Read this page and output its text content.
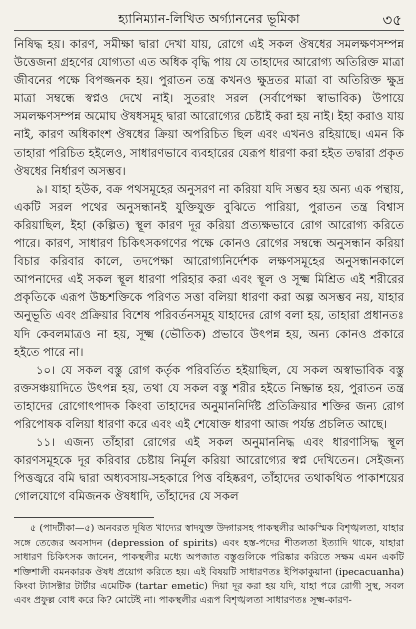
হ্যানিম্যান-লিখিত অর্গ্যাননের ভূমিকা	৩৫

নিষিদ্ধ হয়। কারণ, সমীক্ষা দ্বারা দেখা যায়, রোগে এই সকল ঔষধের সমলক্ষণসম্পন্ন উত্তেজনা গ্রহণের যোগ্যতা এত অধিক বৃদ্ধি পায় যে তাহাদের আরোগ্য অতিরিক্ত মাত্রা জীবনের পক্ষে বিপজ্জনক হয়। পুরাতন তন্ত্র কখনও ক্ষুদ্রতর মাত্রা বা অতিরিক্ত ক্ষুদ্র মাত্রা সম্বন্ধে স্বপ্নও দেখে নাই। সুতরাং সরল (সর্বাপেক্ষা স্বাভাবিক) উপায়ে সমলক্ষণসম্পন্ন অমোঘ ঔষধসমূহ দ্বারা আরোগ্যের চেষ্টাই করা হয় নাই। ইহা করাও যায় নাই, কারণ অধিকাংশ ঔষধের ক্রিয়া অপরিচিত ছিল এবং এখনও রহিয়াছে। এমন কি তাহারা পরিচিত হইলেও, সাধারণভাবে ব্যবহারের যেরূপ ধারণা করা হইত তদ্বারা প্রকৃত ঔষধের নির্ধারণ অসম্ভব।

৯। যাহা হউক, বক্র পথসমূহের অনুসরণ না করিয়া যদি সম্ভব হয় অন্য এক পন্থায়, একটি সরল পথের অনুসন্ধানই যুক্তিযুক্ত বুঝিতে পারিয়া, পুরাতন তন্ত্র বিশ্বাস করিয়াছিল, ইহা (কল্পিত) স্থূল কারণ দূর করিয়া প্রত্যক্ষভাবে রোগ আরোগ্য করিতে পারে। কারণ, সাধারণ চিকিৎসকগণের পক্ষে কোনও রোগের সম্বন্ধে অনুসন্ধান করিয়া বিচার করিবার কালে, তদপেক্ষা আরোগ্যনির্দেশক লক্ষণসমূহের অনুসন্ধানকালে আপনাদের এই সকল স্থূল ধারণা পরিহার করা এবং স্থূল ও সূক্ষ্ম মিশ্রিত এই শরীরের প্রকৃতিকে এরূপ উচ্চশক্তিকে পরিণত সত্তা বলিয়া ধারণা করা অল্প অসম্ভব নয়, যাহার অনুভূতি এবং প্রক্রিয়ার বিশেষ পরিবর্তনসমূহ যাহাদের রোগ বলা হয়, তাহারা প্রধানতঃ যদি কেবলমাত্রও না হয়, সূক্ষ্ম (ভৌতিক) প্রভাবে উৎপন্ন হয়, অন্য কোনও প্রকারে হইতে পারে না।

১০। যে সকল বস্তু রোগ কর্তৃক পরিবর্তিত হইয়াছিল, যে সকল অস্বাভাবিক বস্তু রক্তসঞ্চয়াদিতে উৎপন্ন হয়, তথা যে সকল বস্তু শরীর হইতে নিষ্ক্রান্ত হয়, পুরাতন তন্ত্র তাহাদের রোগোৎপাদক কিংবা তাহাদের অনুমাননির্দিষ্ট প্রতিক্রিয়ার শক্তির জন্য রোগ পরিপোষক বলিয়া ধারণা করে এবং এই শেষোক্ত ধারণা আজ পর্যন্ত প্রচলিত আছে।

১১। এজন্য তাঁহারা রোগের এই সকল অনুমাননিদ্ধ এবং ধারণাসিদ্ধ স্থূল কারণসমূহকে দূর করিবার চেষ্টায় নির্মূল করিয়া আরোগ্যের স্বপ্ন দেখিতেন। সেইজন্য পিত্তজ্বরে বমি দ্বারা অধ্যবসায়-সহকারে পিত্ত বহিষ্করণ, তাঁহাদের তথাকথিত পাকাশয়ের গোলযোগে বমিজনক ঔষধাদি, তাঁহাদের যে সকল

৫ (পাদটীকা—৫) অনবরত দূষিত খাদ্যের স্বাদযুক্ত উদ্গারসহ পাকস্থলীর আকস্মিক বিশৃঙ্খলতা, যাহার সঙ্গে তেজের অবসাদন (depression of spirits) এবং হস্ত-পদের শীতলতা ইত্যাদি থাকে, যাহারা সাধারণ চিকিৎসক জানেন, পাকস্থলীর মধ্যে অপজাত বস্তুগুলিকে পরিষ্কার করিতে সক্ষম এমন একটি শক্তিশালী বমনকারক ঔষধ প্রয়োগ করিতে হয়। এই বিষয়টি সাধারণতঃ ইপিকাকুয়ানা (ipecacuanha) কিংবা ট্যাসক্টার টার্টার এমেটিক (tartar emetic) দিয়া দূর করা হয় যদি, যাহা পরে রোগী সুস্থ, সবল এবং প্রফুল্ল বোধ করে কি? মোটেই না। পাকস্থলীর এরূপ বিশৃঙ্খলতা সাধারণতঃ সূক্ষ্ম-কারণ-
